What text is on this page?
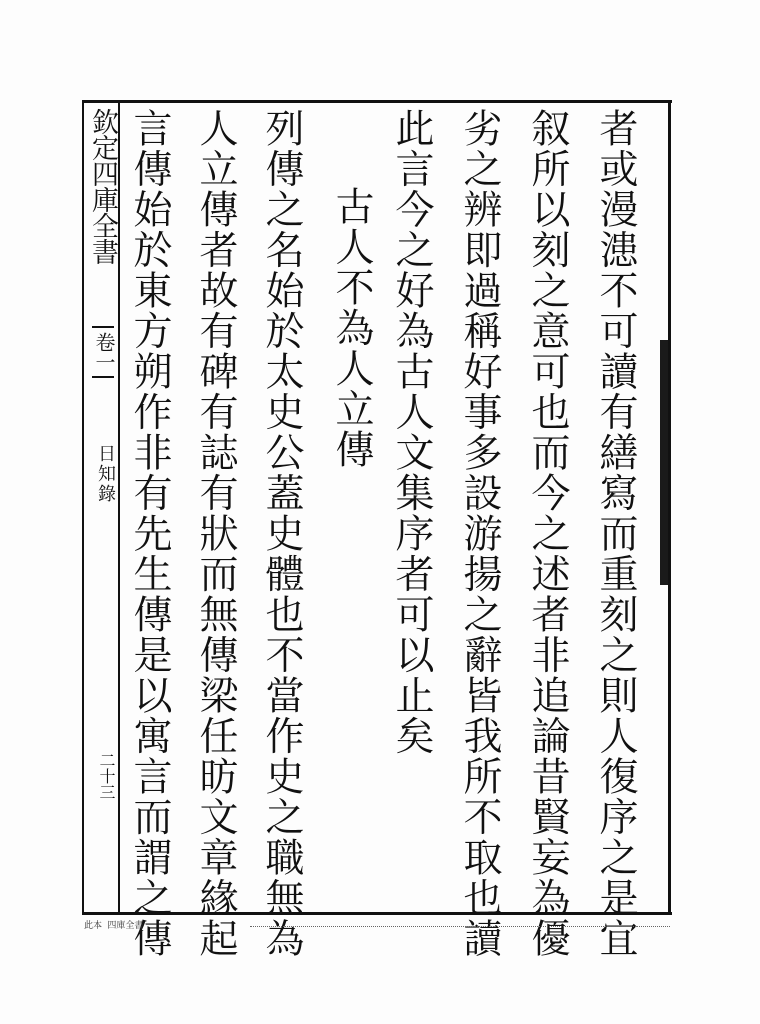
欽定四庫全書
卷一
日知錄
二十三	者或漫漶不可讀有繕寫而重刻之則人復序之是宜
叙所以刻之意可也而今之述者非追論昔賢妄為優
劣之辨即過稱好事多設游揚之辭皆我所不取也讀
此言今之好為古人文集序者可以止矣
古人不為人立傳
列傳之名始於太史公蓋史體也不當作史之職無為
人立傳者故有碑有誌有狀而無傳梁任昉文章緣起
言傳始於東方朔作非有先生傳是以寓言而謂之傳
此本 四庫全書
